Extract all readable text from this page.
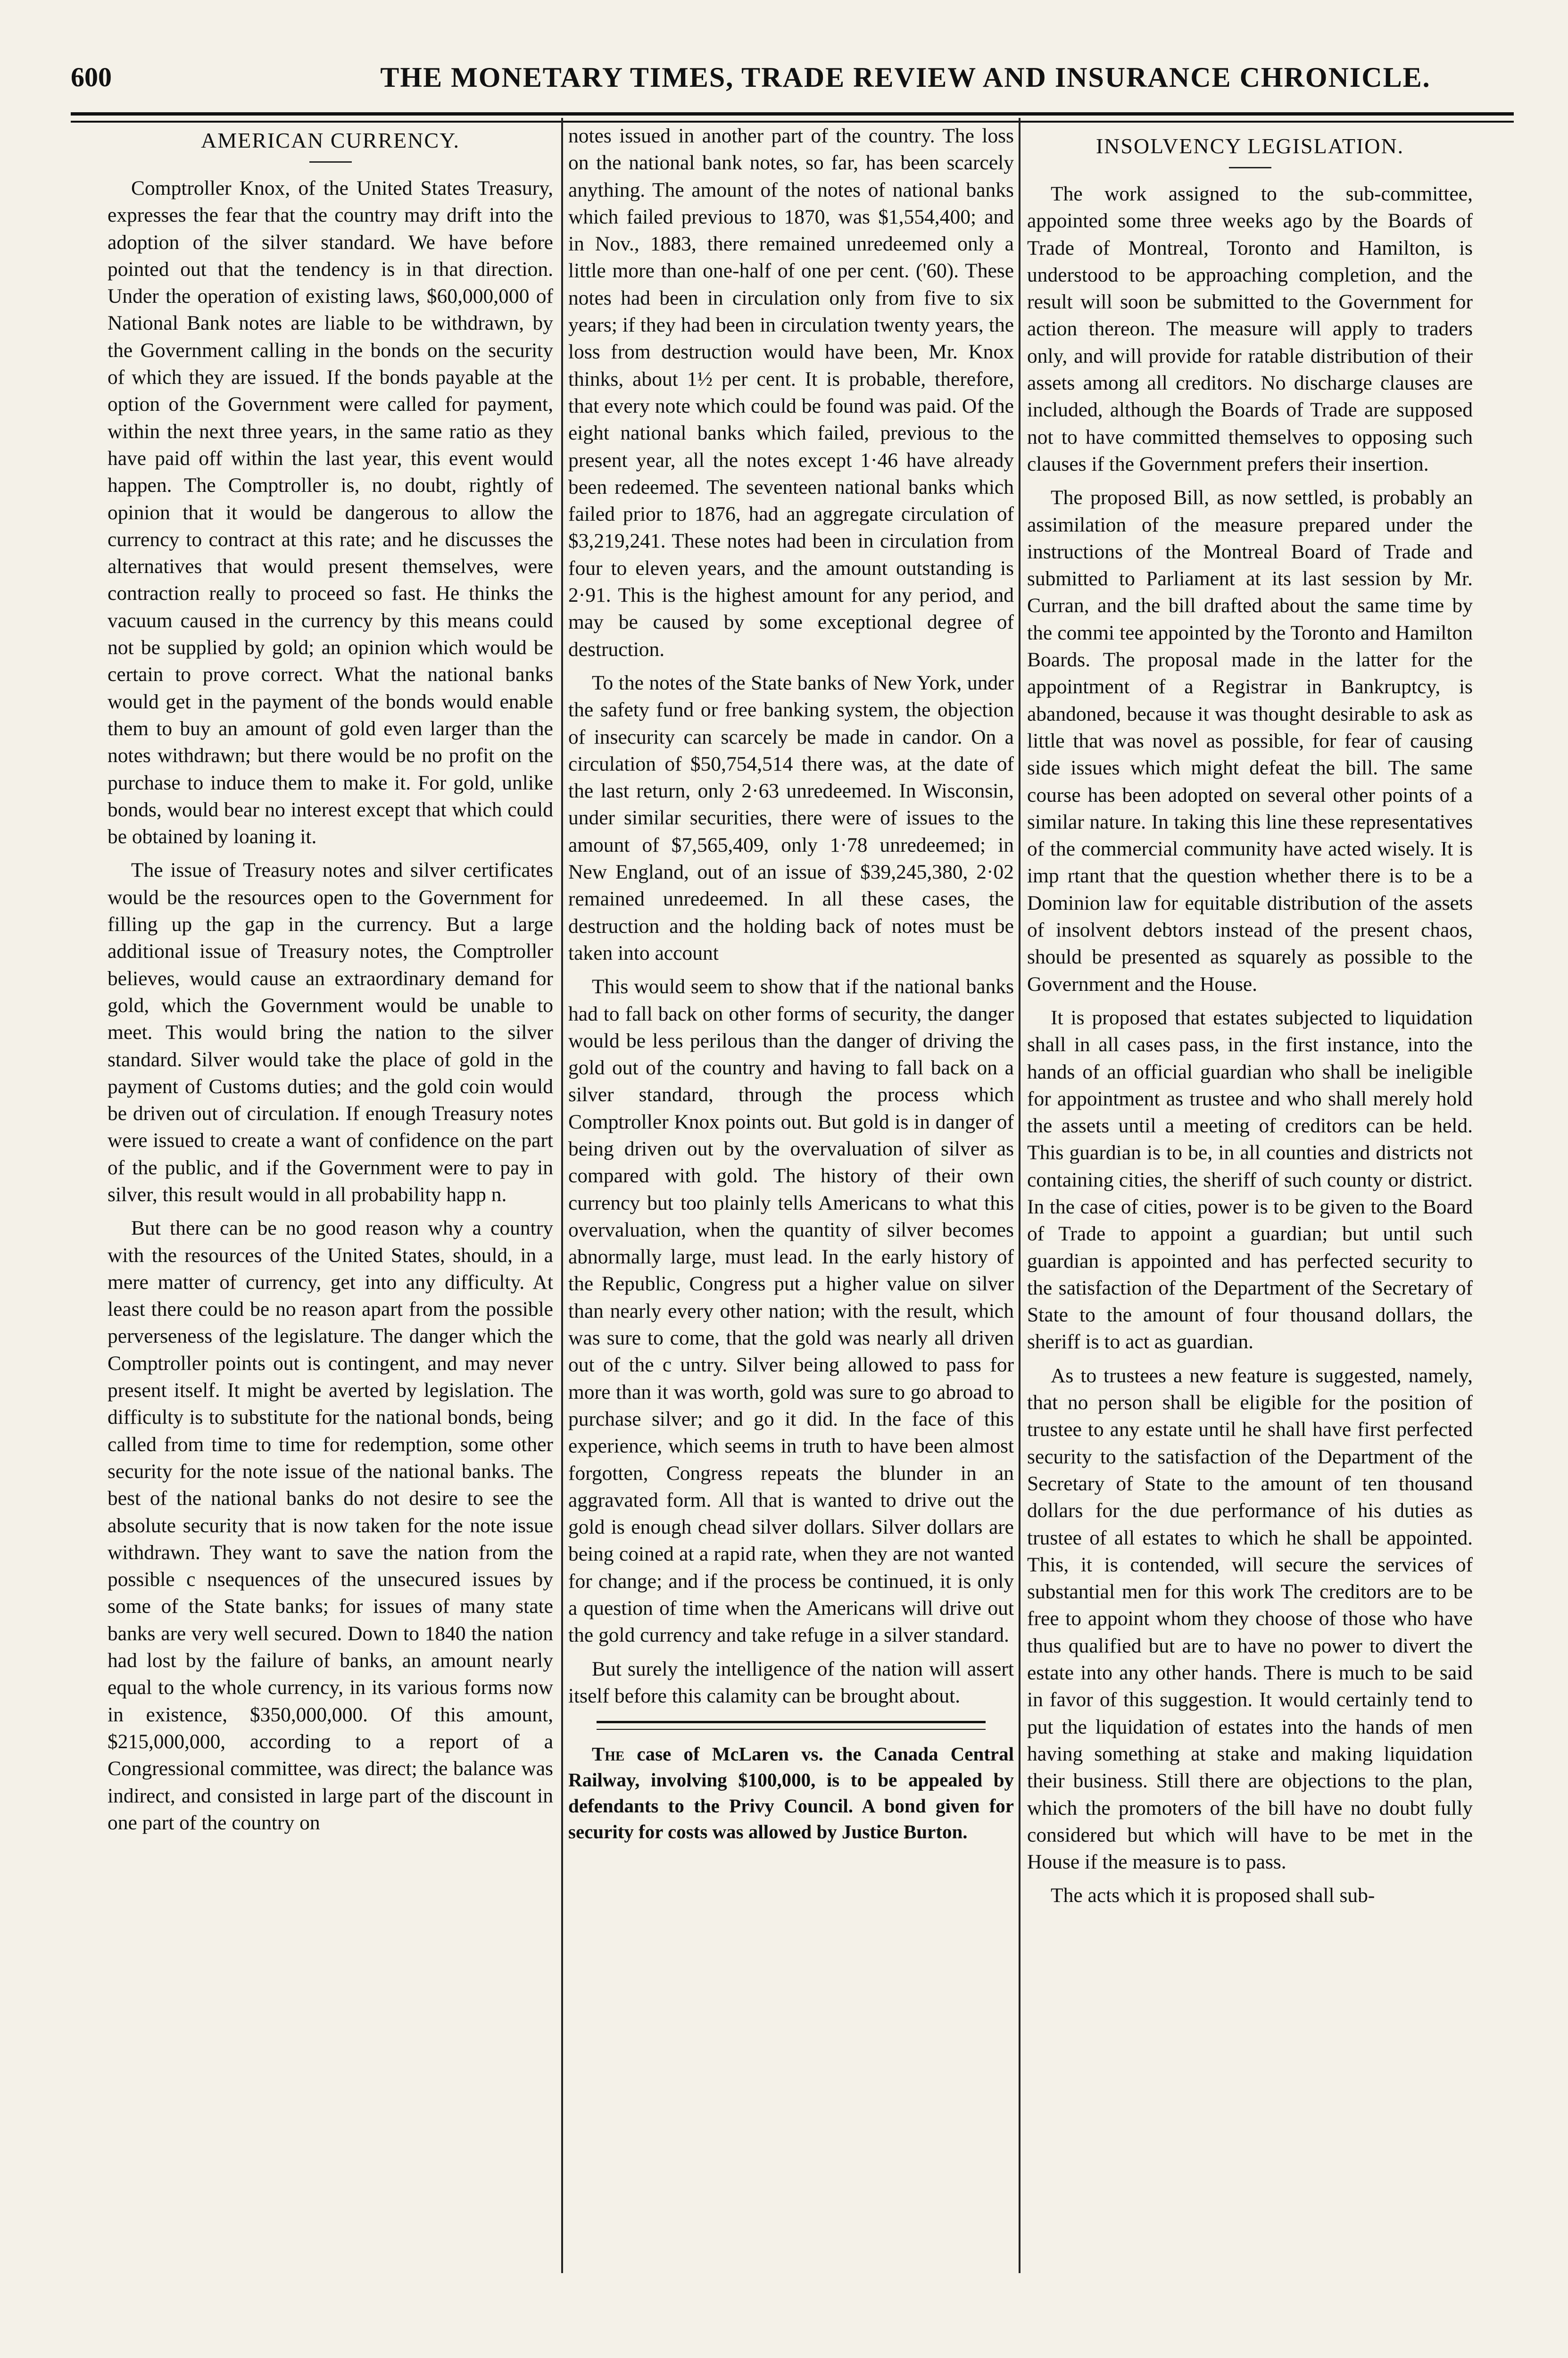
600	THE MONETARY TIMES, TRADE REVIEW AND INSURANCE CHRONICLE.
AMERICAN CURRENCY.

Comptroller Knox, of the United States Treasury, expresses the fear that the country may drift into the adoption of the silver standard. We have before pointed out that the tendency is in that direction. Under the operation of existing laws, $60,000,000 of National Bank notes are liable to be withdrawn, by the Government calling in the bonds on the security of which they are issued. If the bonds payable at the option of the Government were called for payment, within the next three years, in the same ratio as they have paid off within the last year, this event would happen. The Comptroller is, no doubt, rightly of opinion that it would be dangerous to allow the currency to contract at this rate; and he discusses the alternatives that would present themselves, were contraction really to proceed so fast. He thinks the vacuum caused in the currency by this means could not be supplied by gold; an opinion which would be certain to prove correct. What the national banks would get in the payment of the bonds would enable them to buy an amount of gold even larger than the notes withdrawn; but there would be no profit on the purchase to induce them to make it. For gold, unlike bonds, would bear no interest except that which could be obtained by loaning it.

The issue of Treasury notes and silver certificates would be the resources open to the Government for filling up the gap in the currency. But a large additional issue of Treasury notes, the Comptroller believes, would cause an extraordinary demand for gold, which the Government would be unable to meet. This would bring the nation to the silver standard. Silver would take the place of gold in the payment of Customs duties; and the gold coin would be driven out of circulation. If enough Treasury notes were issued to create a want of confidence on the part of the public, and if the Government were to pay in silver, this result would in all probability happ n.

But there can be no good reason why a country with the resources of the United States, should, in a mere matter of currency, get into any difficulty. At least there could be no reason apart from the possible perverseness of the legislature. The danger which the Comptroller points out is contingent, and may never present itself. It might be averted by legislation. The difficulty is to substitute for the national bonds, being called from time to time for redemption, some other security for the note issue of the national banks. The best of the national banks do not desire to see the absolute security that is now taken for the note issue withdrawn. They want to save the nation from the possible c nsequences of the unsecured issues by some of the State banks; for issues of many state banks are very well secured. Down to 1840 the nation had lost by the failure of banks, an amount nearly equal to the whole currency, in its various forms now in existence, $350,000,000. Of this amount, $215,000,000, according to a report of a Congressional committee, was direct; the balance was indirect, and consisted in large part of the discount in one part of the country on

notes issued in another part of the country. The loss on the national bank notes, so far, has been scarcely anything. The amount of the notes of national banks which failed previous to 1870, was $1,554,400; and in Nov., 1883, there remained unredeemed only a little more than one-half of one per cent. ('60). These notes had been in circulation only from five to six years; if they had been in circulation twenty years, the loss from destruction would have been, Mr. Knox thinks, about 1½ per cent. It is probable, therefore, that every note which could be found was paid. Of the eight national banks which failed, previous to the present year, all the notes except 1·46 have already been redeemed. The seventeen national banks which failed prior to 1876, had an aggregate circulation of $3,219,241. These notes had been in circulation from four to eleven years, and the amount outstanding is 2·91. This is the highest amount for any period, and may be caused by some exceptional degree of destruction.

To the notes of the State banks of New York, under the safety fund or free banking system, the objection of insecurity can scarcely be made in candor. On a circulation of $50,754,514 there was, at the date of the last return, only 2·63 unredeemed. In Wisconsin, under similar securities, there were of issues to the amount of $7,565,409, only 1·78 unredeemed; in New England, out of an issue of $39,245,380, 2·02 remained unredeemed. In all these cases, the destruction and the holding back of notes must be taken into account

This would seem to show that if the national banks had to fall back on other forms of security, the danger would be less perilous than the danger of driving the gold out of the country and having to fall back on a silver standard, through the process which Comptroller Knox points out. But gold is in danger of being driven out by the overvaluation of silver as compared with gold. The history of their own currency but too plainly tells Americans to what this overvaluation, when the quantity of silver becomes abnormally large, must lead. In the early history of the Republic, Congress put a higher value on silver than nearly every other nation; with the result, which was sure to come, that the gold was nearly all driven out of the c untry. Silver being allowed to pass for more than it was worth, gold was sure to go abroad to purchase silver; and go it did. In the face of this experience, which seems in truth to have been almost forgotten, Congress repeats the blunder in an aggravated form. All that is wanted to drive out the gold is enough chead silver dollars. Silver dollars are being coined at a rapid rate, when they are not wanted for change; and if the process be continued, it is only a question of time when the Americans will drive out the gold currency and take refuge in a silver standard.

But surely the intelligence of the nation will assert itself before this calamity can be brought about.

The case of McLaren vs. the Canada Central Railway, involving $100,000, is to be appealed by defendants to the Privy Council. A bond given for security for costs was allowed by Justice Burton.

INSOLVENCY LEGISLATION.

The work assigned to the sub-committee, appointed some three weeks ago by the Boards of Trade of Montreal, Toronto and Hamilton, is understood to be approaching completion, and the result will soon be submitted to the Government for action thereon. The measure will apply to traders only, and will provide for ratable distribution of their assets among all creditors. No discharge clauses are included, although the Boards of Trade are supposed not to have committed themselves to opposing such clauses if the Government prefers their insertion.

The proposed Bill, as now settled, is probably an assimilation of the measure prepared under the instructions of the Montreal Board of Trade and submitted to Parliament at its last session by Mr. Curran, and the bill drafted about the same time by the commi tee appointed by the Toronto and Hamilton Boards. The proposal made in the latter for the appointment of a Registrar in Bankruptcy, is abandoned, because it was thought desirable to ask as little that was novel as possible, for fear of causing side issues which might defeat the bill. The same course has been adopted on several other points of a similar nature. In taking this line these representatives of the commercial community have acted wisely. It is imp rtant that the question whether there is to be a Dominion law for equitable distribution of the assets of insolvent debtors instead of the present chaos, should be presented as squarely as possible to the Government and the House.

It is proposed that estates subjected to liquidation shall in all cases pass, in the first instance, into the hands of an official guardian who shall be ineligible for appointment as trustee and who shall merely hold the assets until a meeting of creditors can be held. This guardian is to be, in all counties and districts not containing cities, the sheriff of such county or district. In the case of cities, power is to be given to the Board of Trade to appoint a guardian; but until such guardian is appointed and has perfected security to the satisfaction of the Department of the Secretary of State to the amount of four thousand dollars, the sheriff is to act as guardian.

As to trustees a new feature is suggested, namely, that no person shall be eligible for the position of trustee to any estate until he shall have first perfected security to the satisfaction of the Department of the Secretary of State to the amount of ten thousand dollars for the due performance of his duties as trustee of all estates to which he shall be appointed. This, it is contended, will secure the services of substantial men for this work The creditors are to be free to appoint whom they choose of those who have thus qualified but are to have no power to divert the estate into any other hands. There is much to be said in favor of this suggestion. It would certainly tend to put the liquidation of estates into the hands of men having something at stake and making liquidation their business. Still there are objections to the plan, which the promoters of the bill have no doubt fully considered but which will have to be met in the House if the measure is to pass.

The acts which it is proposed shall sub-
